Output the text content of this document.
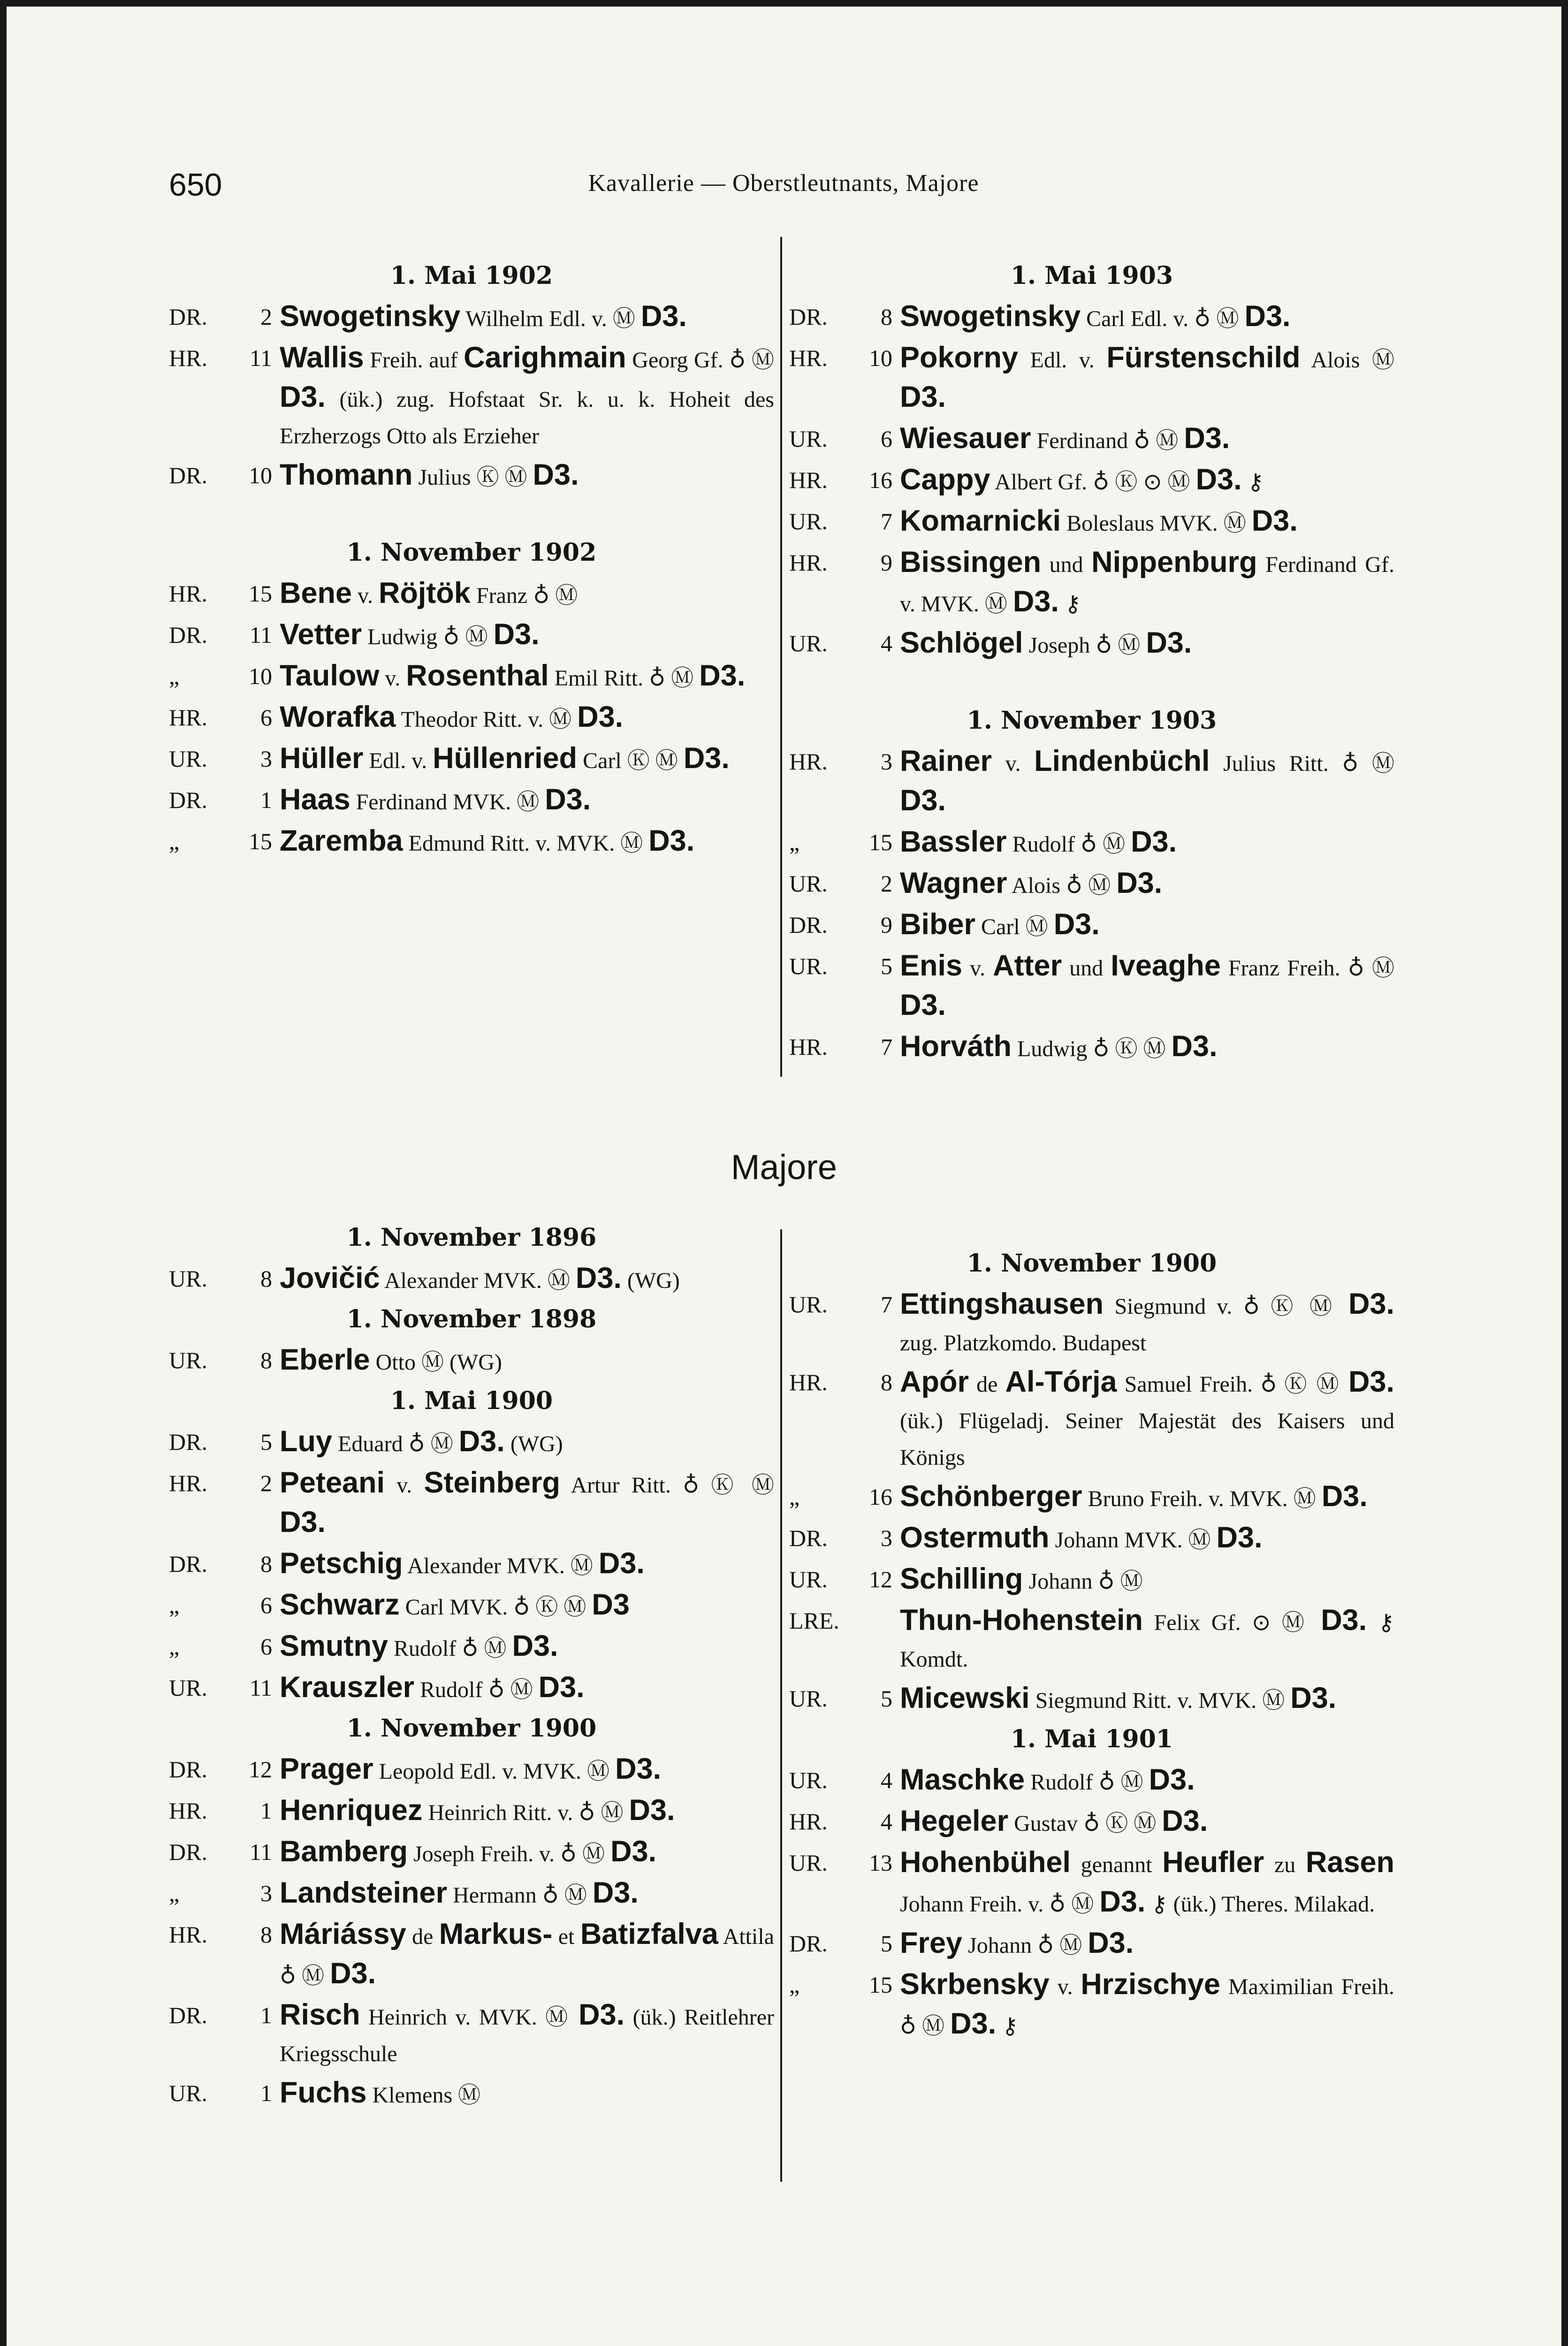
650	Kavallerie — Oberstleutnants, Majore
1. Mai 1902
DR.	2 Swogetinsky Wilhelm Edl. v. Ⓜ D3.
HR.	11 Wallis Freih. auf Carighmain Georg Gf. ♁ Ⓜ D3. (ük.) zug. Hofstaat Sr. k. u. k. Hoheit des Erzherzogs Otto als Erzieher
DR.	10 Thomann Julius Ⓚ Ⓜ D3.
1. November 1902
HR.	15 Bene v. Röjtök Franz ♁ Ⓜ
DR.	11 Vetter Ludwig ♁ Ⓜ D3.
„	10 Taulow v. Rosenthal Emil Ritt. ♁ Ⓜ D3.
HR.	6 Worafka Theodor Ritt. v. Ⓜ D3.
UR.	3 Hüller Edl. v. Hüllenried Carl Ⓚ Ⓜ D3.
DR.	1 Haas Ferdinand MVK. Ⓜ D3.
„	15 Zaremba Edmund Ritt. v. MVK. Ⓜ D3.
1. Mai 1903
DR.	8 Swogetinsky Carl Edl. v. ♁ Ⓜ D3.
HR.	10 Pokorny Edl. v. Fürstenschild Alois Ⓜ D3.
UR.	6 Wiesauer Ferdinand ♁ Ⓜ D3.
HR.	16 Cappy Albert Gf. ♁ Ⓚ ⊙ Ⓜ D3. ⚷
UR.	7 Komarnicki Boleslaus MVK. Ⓜ D3.
HR.	9 Bissingen und Nippenburg Ferdinand Gf. v. MVK. Ⓜ D3. ⚷
UR.	4 Schlögel Joseph ♁ Ⓜ D3.
1. November 1903
HR.	3 Rainer v. Lindenbüchl Julius Ritt. ♁ Ⓜ D3.
„	15 Bassler Rudolf ♁ Ⓜ D3.
UR.	2 Wagner Alois ♁ Ⓜ D3.
DR.	9 Biber Carl Ⓜ D3.
UR.	5 Enis v. Atter und Iveaghe Franz Freih. ♁ Ⓜ D3.
HR.	7 Horváth Ludwig ♁ Ⓚ Ⓜ D3.
Majore
1. November 1896
UR.	8 Jovičić Alexander MVK. Ⓜ D3. (WG)
1. November 1898
UR.	8 Eberle Otto Ⓜ (WG)
1. Mai 1900
DR.	5 Luy Eduard ♁ Ⓜ D3. (WG)
HR.	2 Peteani v. Steinberg Artur Ritt. ♁ Ⓚ Ⓜ D3.
DR.	8 Petschig Alexander MVK. Ⓜ D3.
„	6 Schwarz Carl MVK. ♁ Ⓚ Ⓜ D3
„	6 Smutny Rudolf ♁ Ⓜ D3.
UR.	11 Krauszler Rudolf ♁ Ⓜ D3.
1. November 1900
DR.	12 Prager Leopold Edl. v. MVK. Ⓜ D3.
HR.	1 Henriquez Heinrich Ritt. v. ♁ Ⓜ D3.
DR.	11 Bamberg Joseph Freih. v. ♁ Ⓜ D3.
„	3 Landsteiner Hermann ♁ Ⓜ D3.
HR.	8 Máriássy de Markus- et Batizfalva Attila ♁ Ⓜ D3.
DR.	1 Risch Heinrich v. MVK. Ⓜ D3. (ük.) Reitlehrer Kriegsschule
UR.	1 Fuchs Klemens Ⓜ
1. November 1900
UR.	7 Ettingshausen Siegmund v. ♁ Ⓚ Ⓜ D3. zug. Platzkomdo. Budapest
HR.	8 Apór de Al-Tórja Samuel Freih. ♁ Ⓚ Ⓜ D3. (ük.) Flügeladj. Seiner Majestät des Kaisers und Königs
„	16 Schönberger Bruno Freih. v. MVK. Ⓜ D3.
DR.	3 Ostermuth Johann MVK. Ⓜ D3.
UR.	12 Schilling Johann ♁ Ⓜ
LRE. Thun-Hohenstein Felix Gf. ⊙ Ⓜ D3. ⚷ Komdt.
UR.	5 Micewski Siegmund Ritt. v. MVK. Ⓜ D3.
1. Mai 1901
UR.	4 Maschke Rudolf ♁ Ⓜ D3.
HR.	4 Hegeler Gustav ♁ Ⓚ Ⓜ D3.
UR.	13 Hohenbühel genannt Heufler zu Rasen Johann Freih. v. ♁ Ⓜ D3. ⚷ (ük.) Theres. Milakad.
DR.	5 Frey Johann ♁ Ⓜ D3.
„	15 Skrbensky v. Hrzischye Maximilian Freih. ♁ Ⓜ D3. ⚷
